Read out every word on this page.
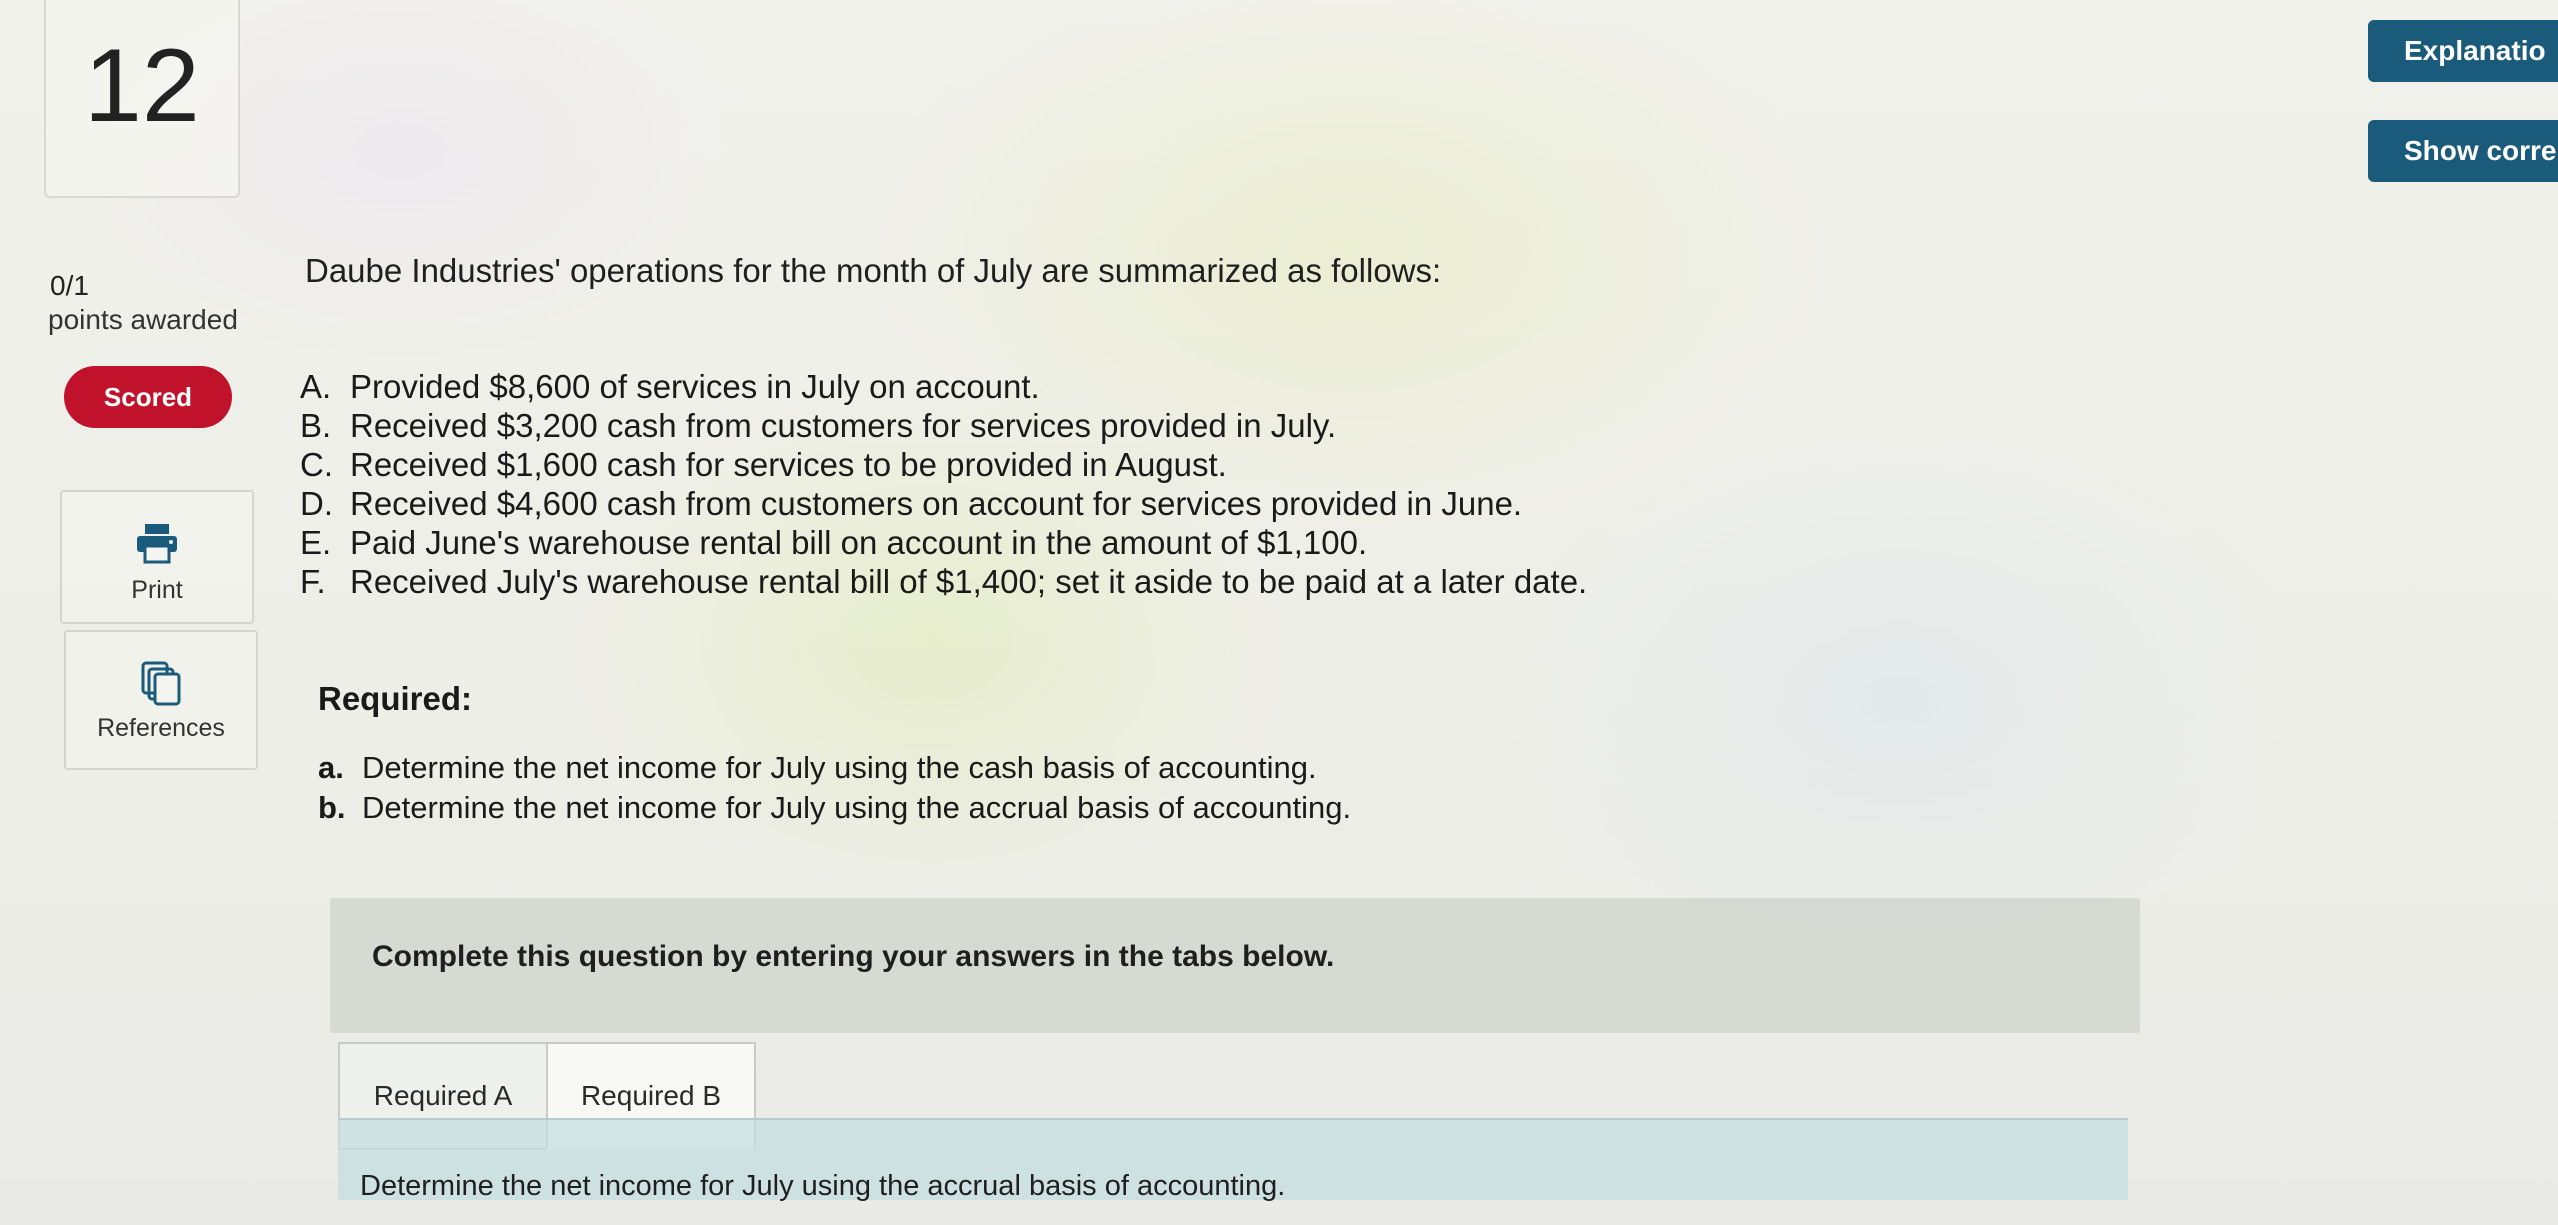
12
0/1
points awarded
Scored
Print
References
Explanatio
Show corre
Daube Industries' operations for the month of July are summarized as follows:
A. Provided $8,600 of services in July on account.
B. Received $3,200 cash from customers for services provided in July.
C. Received $1,600 cash for services to be provided in August.
D. Received $4,600 cash from customers on account for services provided in June.
E. Paid June's warehouse rental bill on account in the amount of $1,100.
F. Received July's warehouse rental bill of $1,400; set it aside to be paid at a later date.
Required:
a. Determine the net income for July using the cash basis of accounting.
b. Determine the net income for July using the accrual basis of accounting.
Complete this question by entering your answers in the tabs below.
Required A	Required B
Determine the net income for July using the accrual basis of accounting.
